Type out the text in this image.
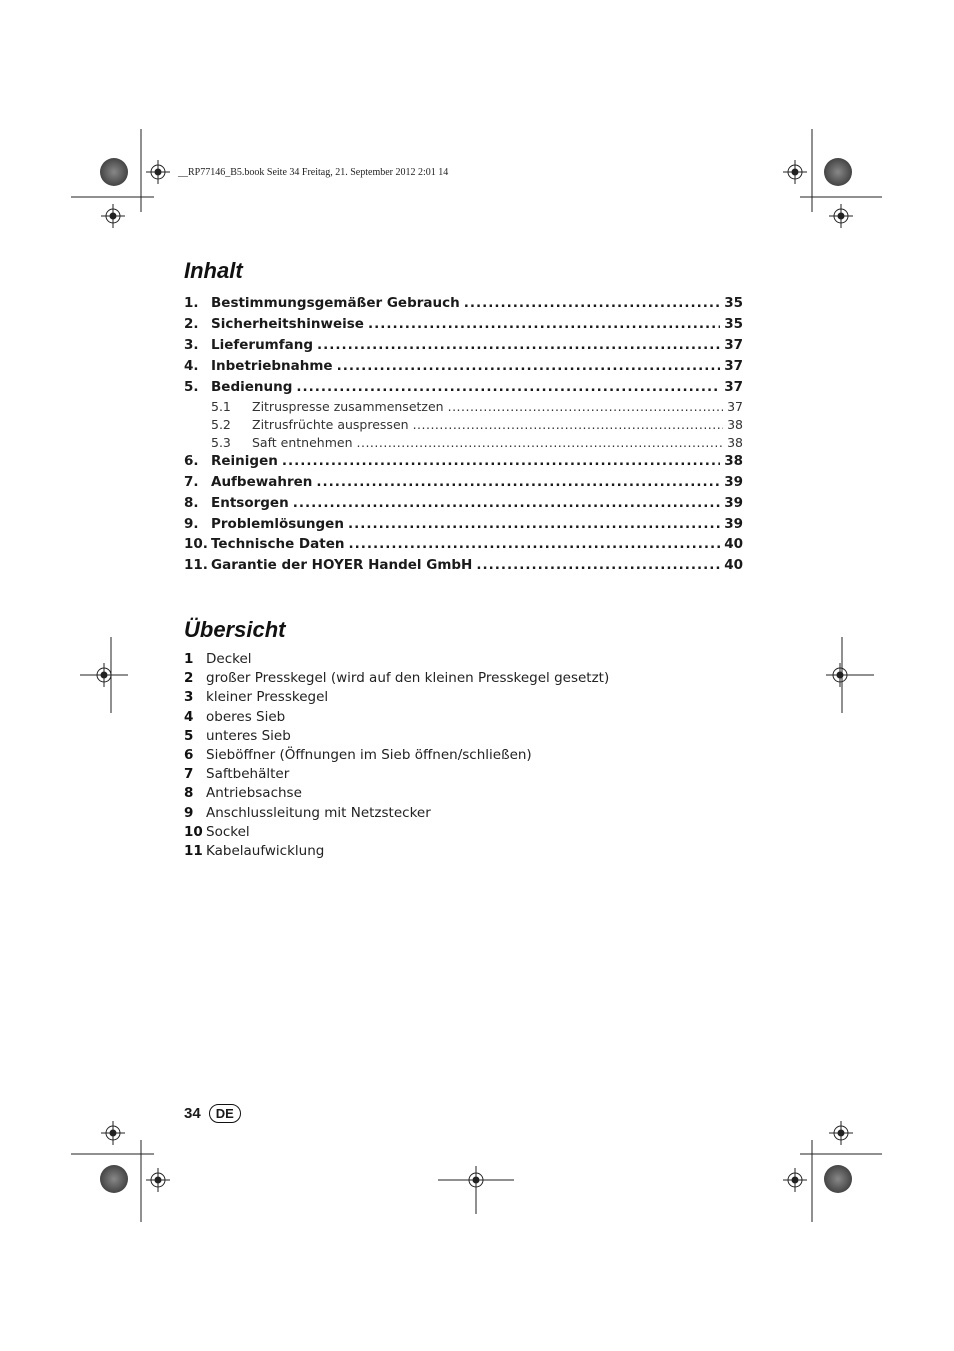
__RP77146_B5.book Seite 34 Freitag, 21. September 2012 2:01 14
Inhalt
1. Bestimmungsgemäßer Gebrauch .....	35
2. Sicherheitshinweise .....	35
3. Lieferumfang .....	37
4. Inbetriebnahme .....	37
5. Bedienung .....	37
5.1	Zitruspresse zusammensetzen .....	37
5.2	Zitrusfrüchte auspressen .....	38
5.3	Saft entnehmen .....	38
6. Reinigen .....	38
7. Aufbewahren .....	39
8. Entsorgen .....	39
9. Problemlösungen .....	39
10. Technische Daten .....	40
11. Garantie der HOYER Handel GmbH .....	40
Übersicht
1 Deckel
2 großer Presskegel (wird auf den kleinen Presskegel gesetzt)
3 kleiner Presskegel
4 oberes Sieb
5 unteres Sieb
6 Sieböffner (Öffnungen im Sieb öffnen/schließen)
7 Saftbehälter
8 Antriebsachse
9 Anschlussleitung mit Netzstecker
10 Sockel
11 Kabelaufwicklung
34	DE
